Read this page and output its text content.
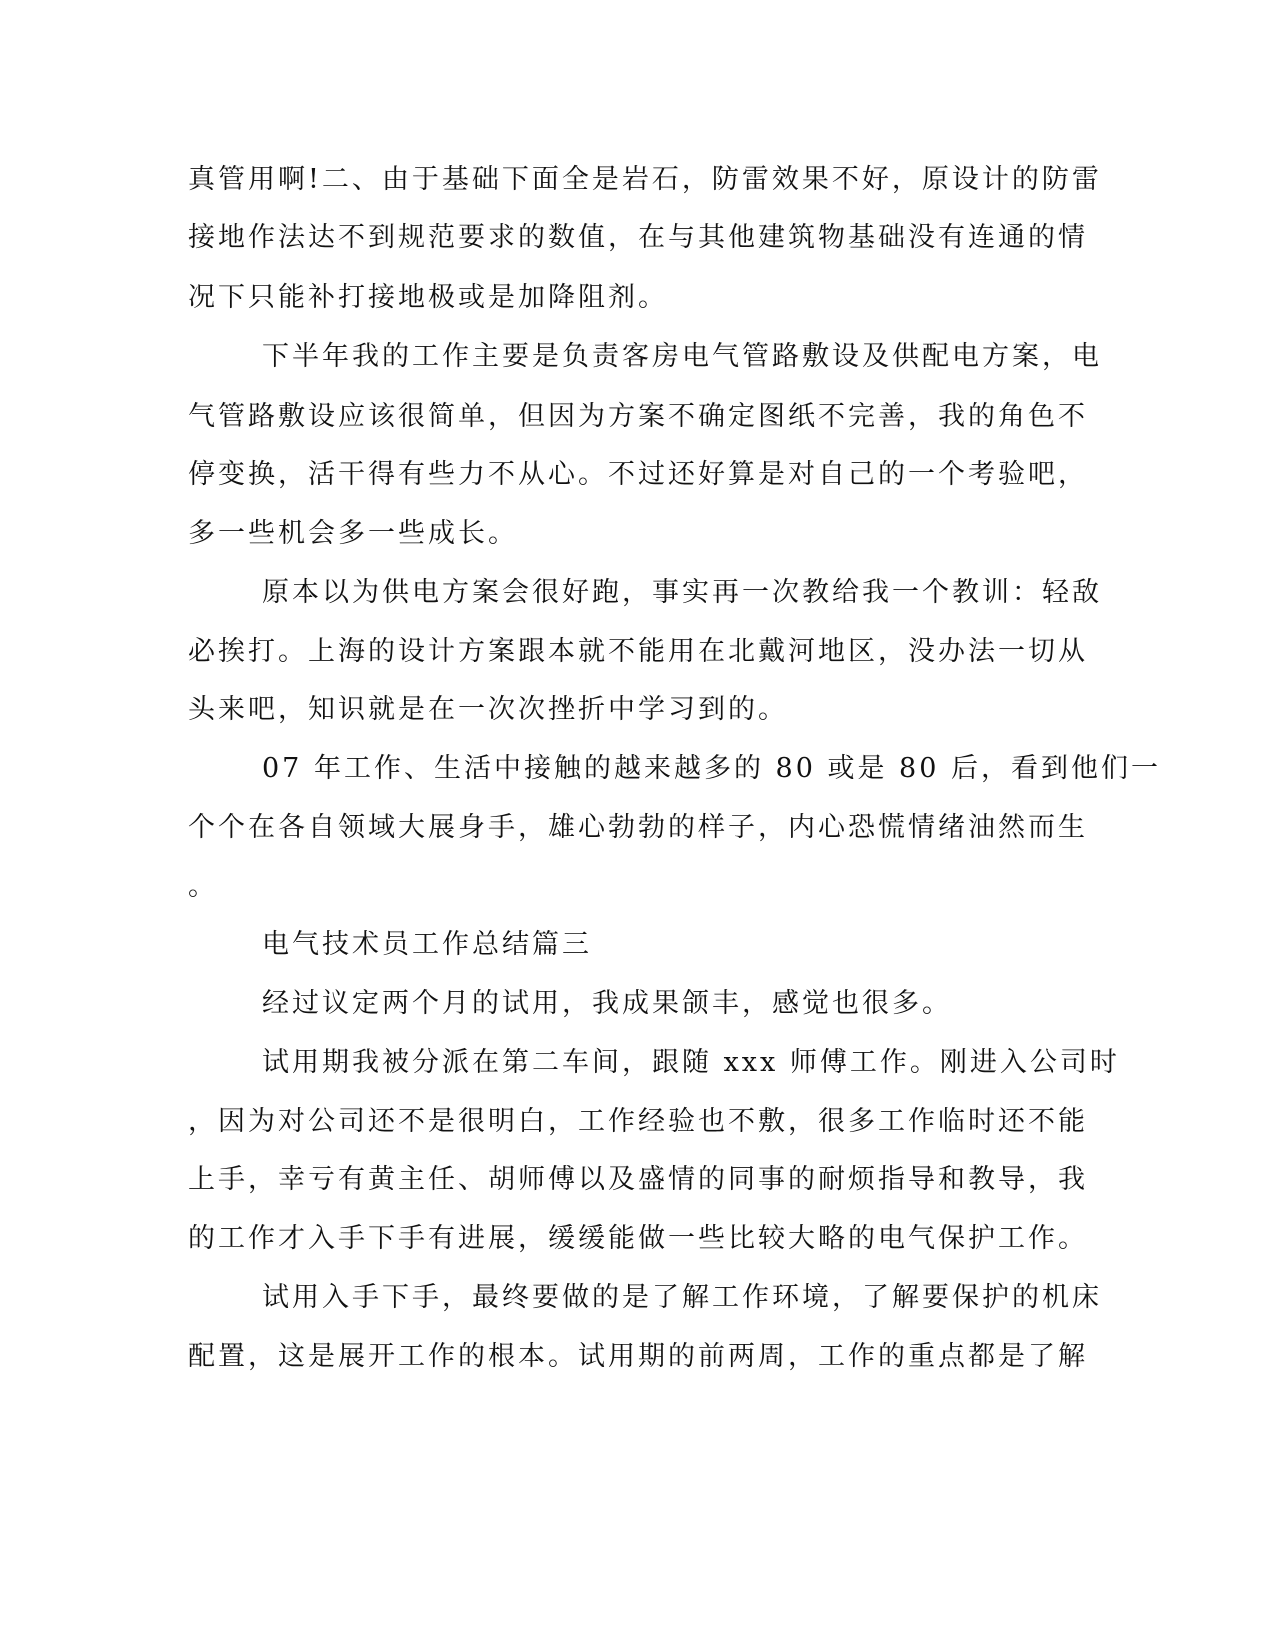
真管用啊!二、由于基础下面全是岩石，防雷效果不好，原设计的防雷
接地作法达不到规范要求的数值，在与其他建筑物基础没有连通的情
况下只能补打接地极或是加降阻剂。
下半年我的工作主要是负责客房电气管路敷设及供配电方案，电
气管路敷设应该很简单，但因为方案不确定图纸不完善，我的角色不
停变换，活干得有些力不从心。不过还好算是对自己的一个考验吧，
多一些机会多一些成长。
原本以为供电方案会很好跑，事实再一次教给我一个教训：轻敌
必挨打。上海的设计方案跟本就不能用在北戴河地区，没办法一切从
头来吧，知识就是在一次次挫折中学习到的。
07 年工作、生活中接触的越来越多的 80 或是 80 后，看到他们一
个个在各自领域大展身手，雄心勃勃的样子，内心恐慌情绪油然而生
。
电气技术员工作总结篇三
经过议定两个月的试用，我成果颌丰，感觉也很多。
试用期我被分派在第二车间，跟随 xxx 师傅工作。刚进入公司时
，因为对公司还不是很明白，工作经验也不敷，很多工作临时还不能
上手，幸亏有黄主任、胡师傅以及盛情的同事的耐烦指导和教导，我
的工作才入手下手有进展，缓缓能做一些比较大略的电气保护工作。
试用入手下手，最终要做的是了解工作环境，了解要保护的机床
配置，这是展开工作的根本。试用期的前两周，工作的重点都是了解
